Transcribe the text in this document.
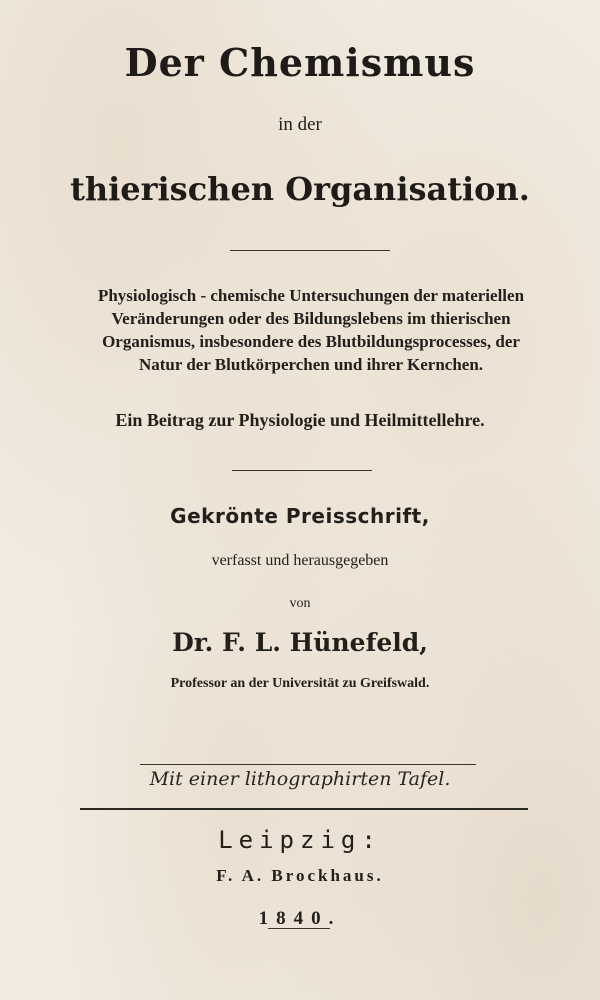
Der Chemismus
in der
thierischen Organisation.
Physiologisch - chemische Untersuchungen der materiellen
Veränderungen oder des Bildungslebens im thierischen
Organismus, insbesondere des Blutbildungsprocesses, der
Natur der Blutkörperchen und ihrer Kernchen.
Ein Beitrag zur Physiologie und Heilmittellehre.
Gekrönte Preisschrift,
verfasst und herausgegeben
von
Dr. F. L. Hünefeld,
Professor an der Universität zu Greifswald.
Mit einer lithographirten Tafel.
Leipzig:
F. A. Brockhaus.
1840.
